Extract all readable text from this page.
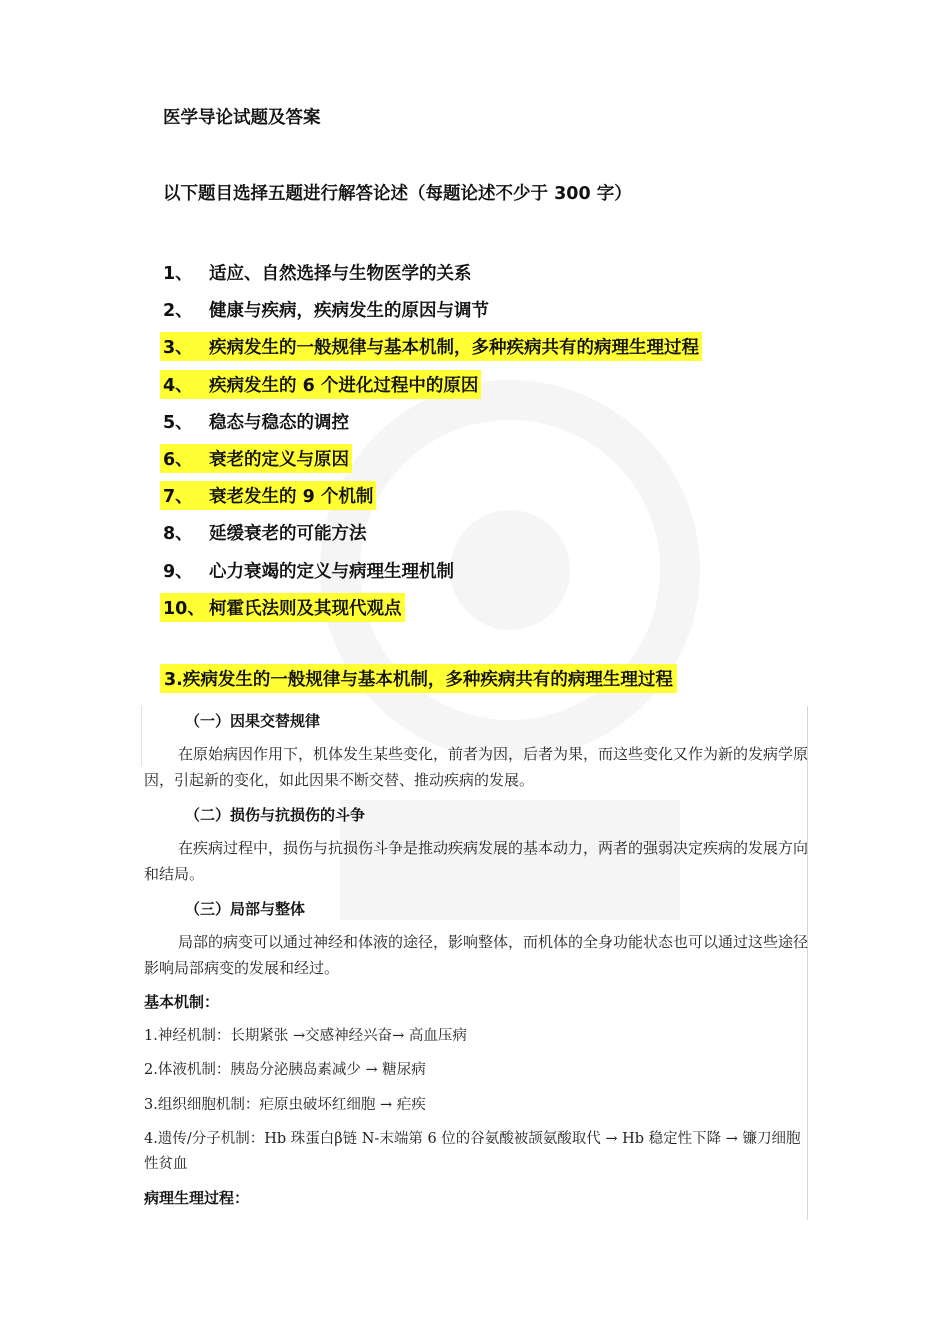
医学导论试题及答案
以下题目选择五题进行解答论述（每题论述不少于 300 字）
1、 适应、自然选择与生物医学的关系
2、 健康与疾病，疾病发生的原因与调节
3、 疾病发生的一般规律与基本机制，多种疾病共有的病理生理过程
4、 疾病发生的 6 个进化过程中的原因
5、 稳态与稳态的调控
6、 衰老的定义与原因
7、 衰老发生的 9 个机制
8、 延缓衰老的可能方法
9、 心力衰竭的定义与病理生理机制
10、 柯霍氏法则及其现代观点
3.疾病发生的一般规律与基本机制，多种疾病共有的病理生理过程
（一）因果交替规律
在原始病因作用下，机体发生某些变化，前者为因，后者为果，而这些变化又作为新的发病学原因，引起新的变化，如此因果不断交替、推动疾病的发展。
（二）损伤与抗损伤的斗争
在疾病过程中，损伤与抗损伤斗争是推动疾病发展的基本动力，两者的强弱决定疾病的发展方向和结局。
（三）局部与整体
局部的病变可以通过神经和体液的途径，影响整体，而机体的全身功能状态也可以通过这些途径影响局部病变的发展和经过。
基本机制：
1.神经机制：长期紧张 →交感神经兴奋→ 高血压病
2.体液机制：胰岛分泌胰岛素减少 → 糖尿病
3.组织细胞机制：疟原虫破坏红细胞 → 疟疾
4.遗传/分子机制：Hb 珠蛋白β链 N-末端第 6 位的谷氨酸被颉氨酸取代 → Hb 稳定性下降 → 镰刀细胞性贫血
病理生理过程：
